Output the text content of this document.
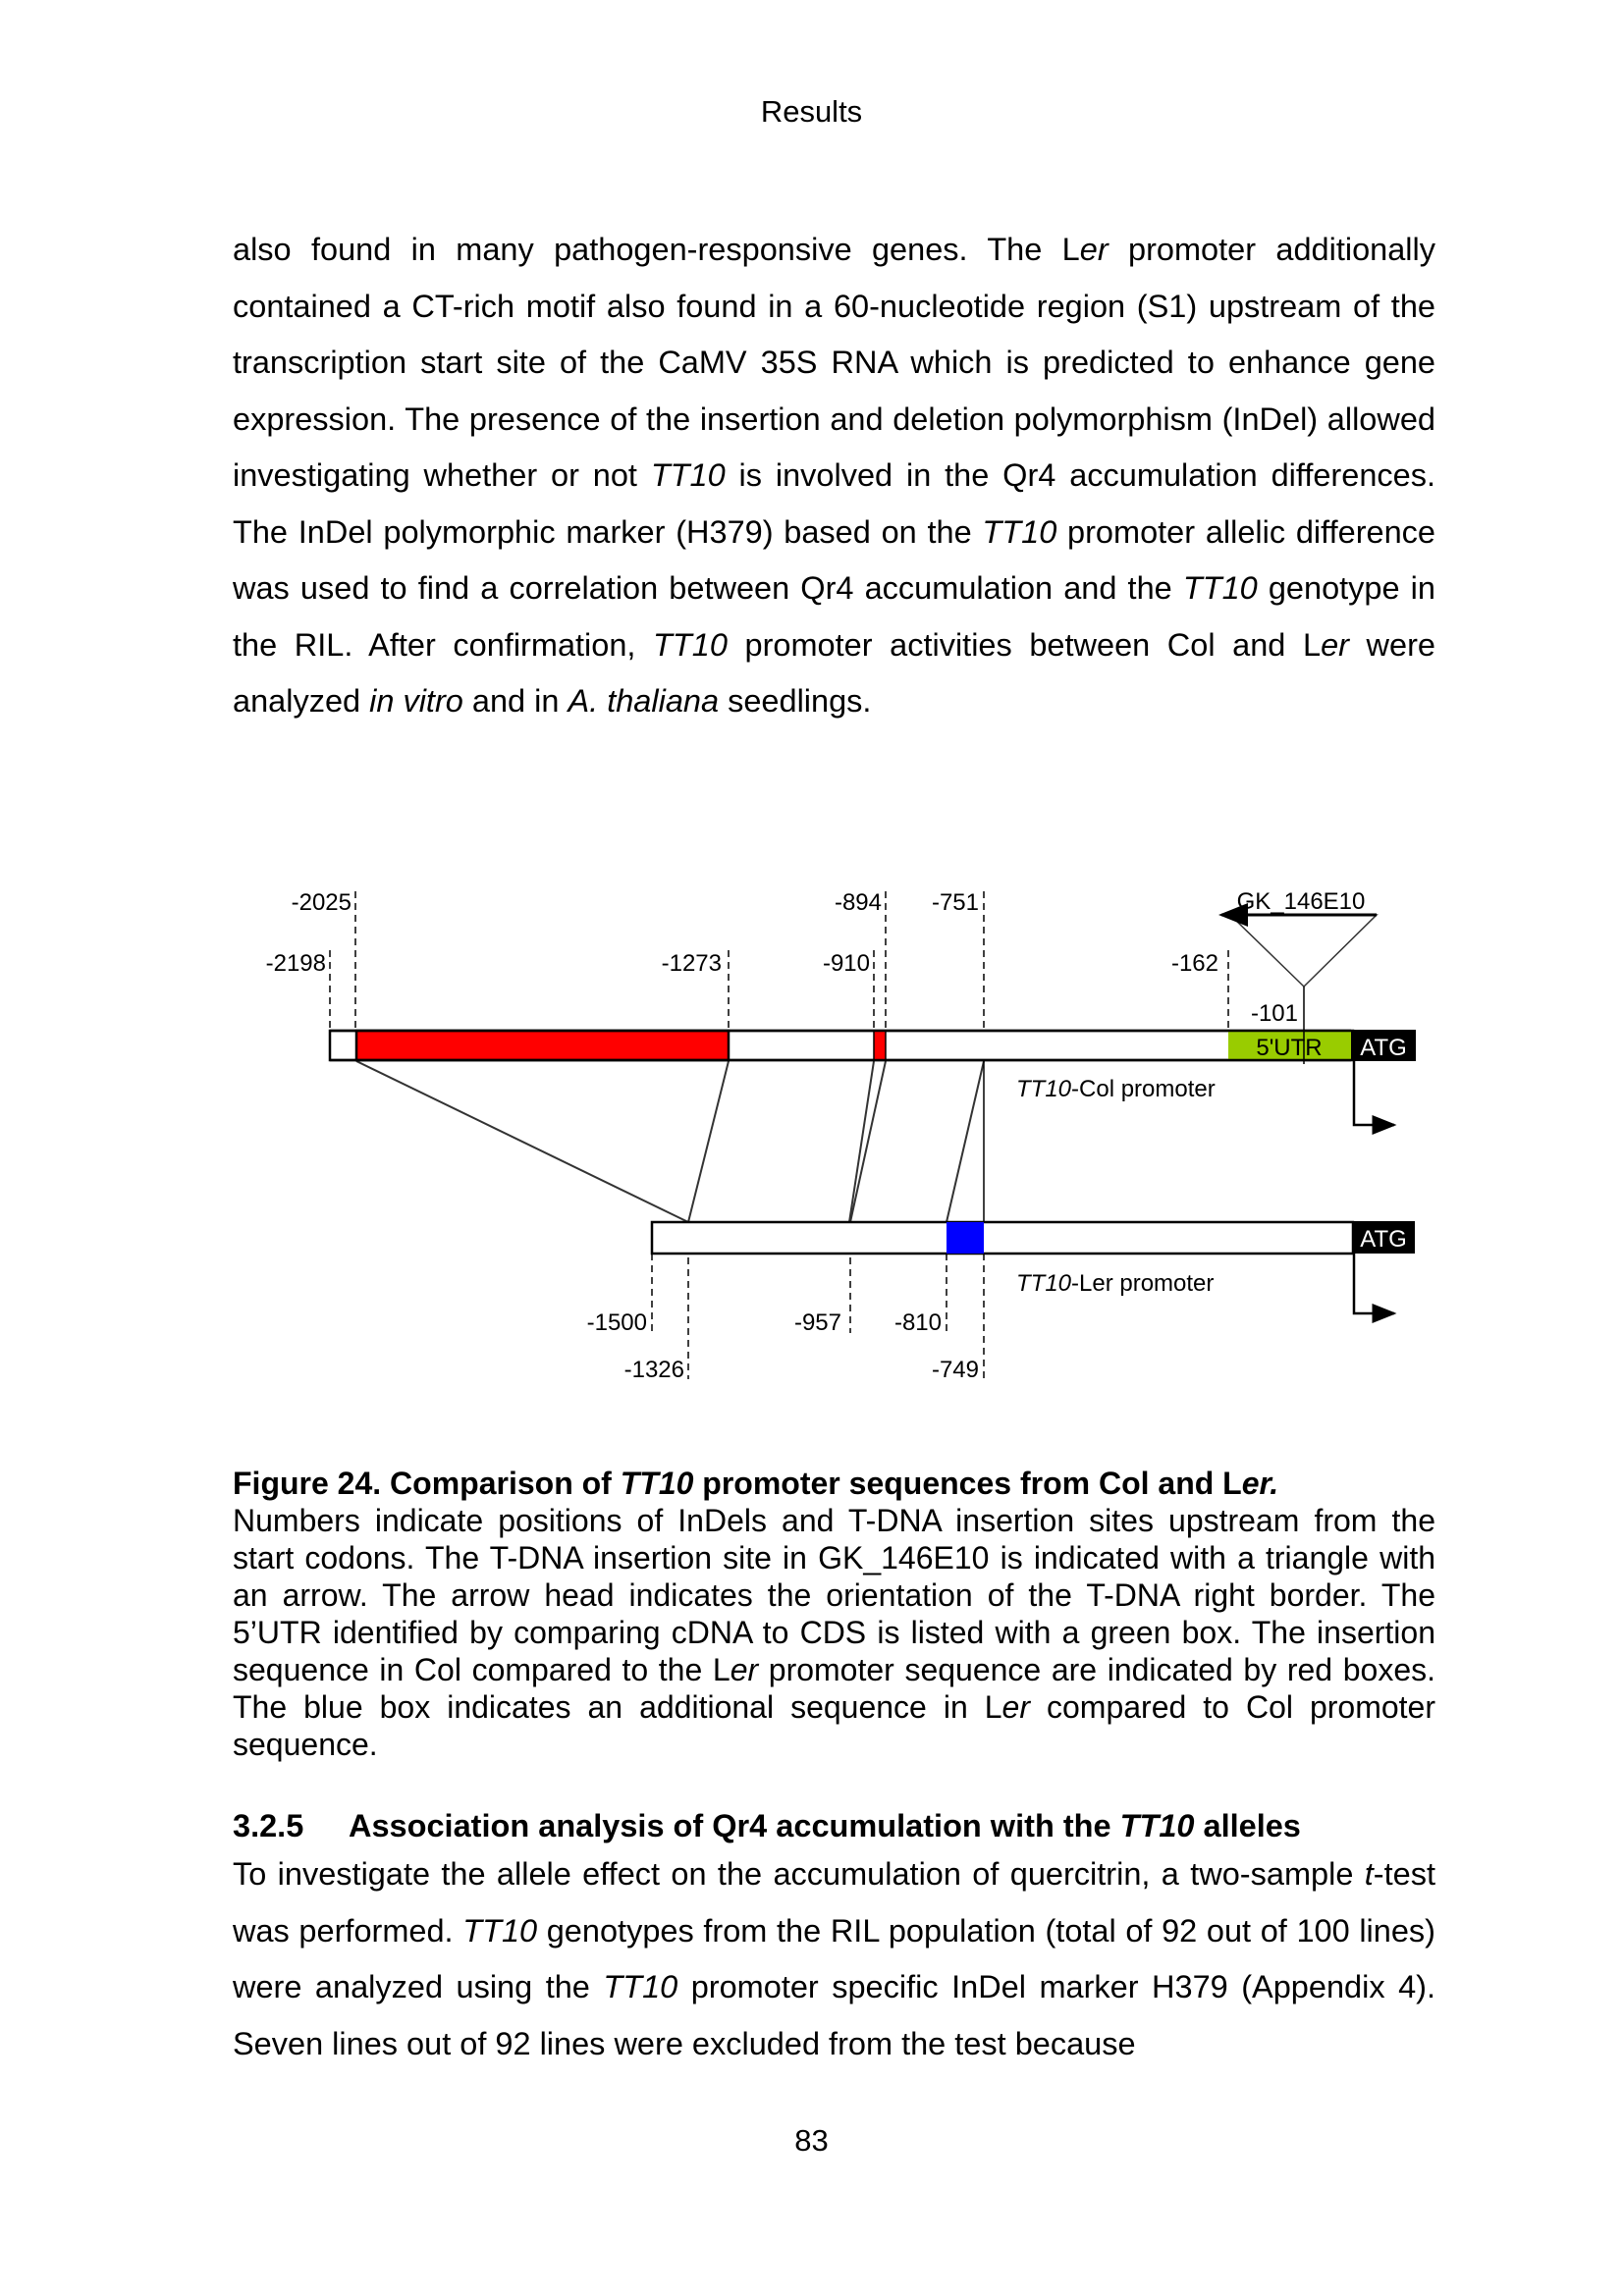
Results
also found in many pathogen-responsive genes. The Ler promoter additionally contained a CT-rich motif also found in a 60-nucleotide region (S1) upstream of the transcription start site of the CaMV 35S RNA which is predicted to enhance gene expression. The presence of the insertion and deletion polymorphism (InDel) allowed investigating whether or not TT10 is involved in the Qr4 accumulation differences. The InDel polymorphic marker (H379) based on the TT10 promoter allelic difference was used to find a correlation between Qr4 accumulation and the TT10 genotype in the RIL. After confirmation, TT10 promoter activities between Col and Ler were analyzed in vitro and in A. thaliana seedlings.
5'UTR ATG
TT10-Col promoter
GK_146E10
ATG
TT10-Ler promoter
-2025
-2198	-1273	-910
-894 -751
-162
-101
-1500
-1326
-957 -810
-749
Figure 24. Comparison of TT10 promoter sequences from Col and Ler.
Numbers indicate positions of InDels and T-DNA insertion sites upstream from the start codons. The T-DNA insertion site in GK_146E10 is indicated with a triangle with an arrow. The arrow head indicates the orientation of the T-DNA right border. The 5’UTR identified by comparing cDNA to CDS is listed with a green box. The insertion sequence in Col compared to the Ler promoter sequence are indicated by red boxes. The blue box indicates an additional sequence in Ler compared to Col promoter sequence.
3.2.5 Association analysis of Qr4 accumulation with the TT10 alleles
To investigate the allele effect on the accumulation of quercitrin, a two-sample t-test was performed. TT10 genotypes from the RIL population (total of 92 out of 100 lines) were analyzed using the TT10 promoter specific InDel marker H379 (Appendix 4). Seven lines out of 92 lines were excluded from the test because
83
